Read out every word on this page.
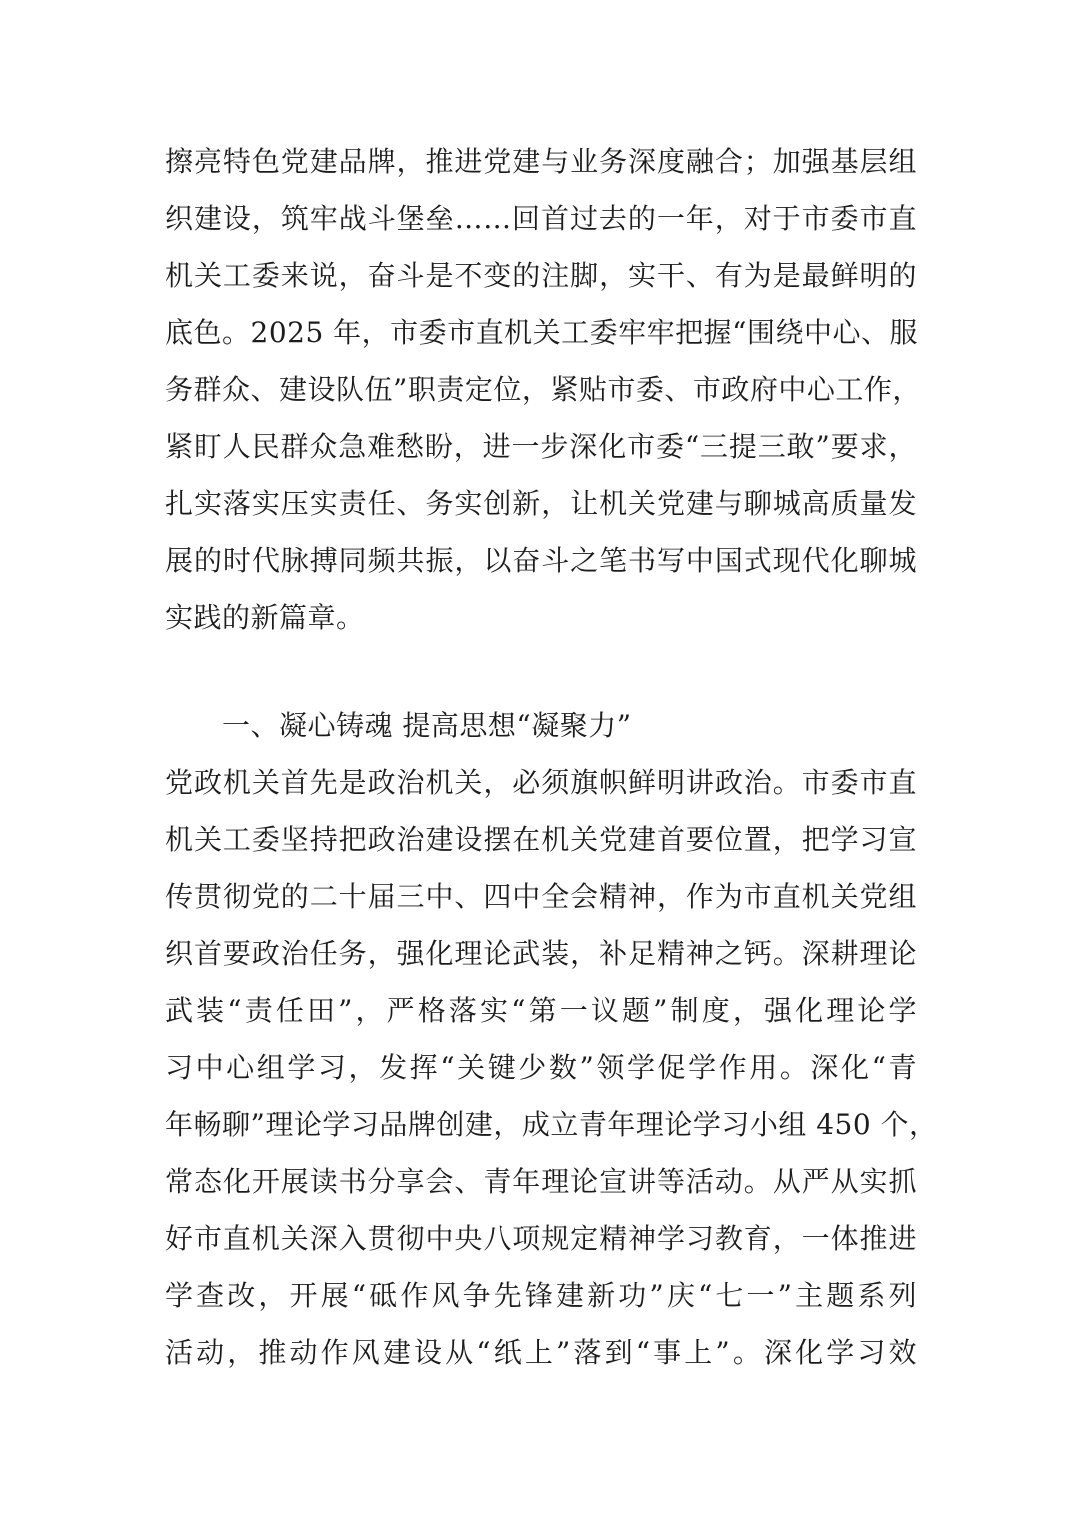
擦亮特色党建品牌，推进党建与业务深度融合；加强基层组
织建设，筑牢战斗堡垒……回首过去的一年，对于市委市直
机关工委来说，奋斗是不变的注脚，实干、有为是最鲜明的
底色。2025 年，市委市直机关工委牢牢把握“围绕中心、服
务群众、建设队伍”职责定位，紧贴市委、市政府中心工作，
紧盯人民群众急难愁盼，进一步深化市委“三提三敢”要求，
扎实落实压实责任、务实创新，让机关党建与聊城高质量发
展的时代脉搏同频共振，以奋斗之笔书写中国式现代化聊城
实践的新篇章。
一、凝心铸魂 提高思想“凝聚力”
党政机关首先是政治机关，必须旗帜鲜明讲政治。市委市直
机关工委坚持把政治建设摆在机关党建首要位置，把学习宣
传贯彻党的二十届三中、四中全会精神，作为市直机关党组
织首要政治任务，强化理论武装，补足精神之钙。深耕理论
武装“责任田”，严格落实“第一议题”制度，强化理论学
习中心组学习，发挥“关键少数”领学促学作用。深化“青
年畅聊”理论学习品牌创建，成立青年理论学习小组 450 个，
常态化开展读书分享会、青年理论宣讲等活动。从严从实抓
好市直机关深入贯彻中央八项规定精神学习教育，一体推进
学查改，开展“砥作风争先锋建新功”庆“七一”主题系列
活动，推动作风建设从“纸上”落到“事上”。深化学习效
